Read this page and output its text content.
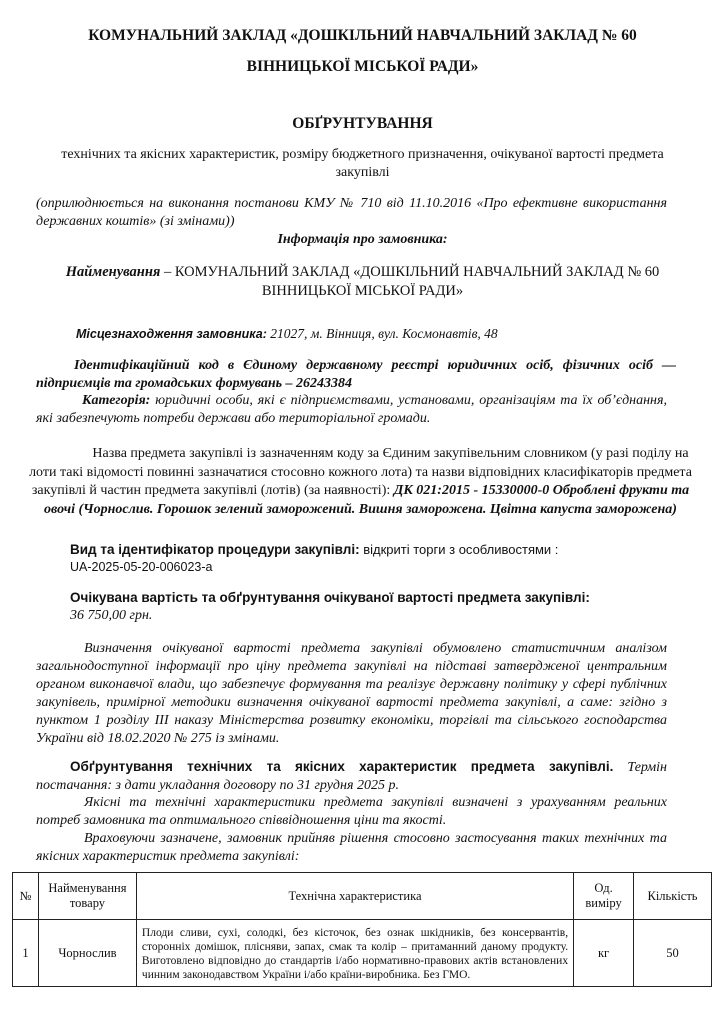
КОМУНАЛЬНИЙ ЗАКЛАД «ДОШКІЛЬНИЙ НАВЧАЛЬНИЙ ЗАКЛАД № 60
ВІННИЦЬКОЇ МІСЬКОЇ РАДИ»
ОБҐРУНТУВАННЯ
технічних та якісних характеристик, розміру бюджетного призначення, очікуваної вартості предмета закупівлі
(оприлюднюється на виконання постанови КМУ № 710 від 11.10.2016 «Про ефективне використання державних коштів» (зі змінами))
Інформація про замовника:
Найменування – КОМУНАЛЬНИЙ ЗАКЛАД «ДОШКІЛЬНИЙ НАВЧАЛЬНИЙ ЗАКЛАД № 60 ВІННИЦЬКОЇ МІСЬКОЇ РАДИ»
Місцезнаходження замовника: 21027, м. Вінниця, вул. Космонавтів, 48
Ідентифікаційний код в Єдиному державному реєстрі юридичних осіб, фізичних осіб — підприємців та громадських формувань – 26243384
Категорія: юридичні особи, які є підприємствами, установами, організаціям та їх об’єднання, які забезпечують потреби держави або територіальної громади.
Назва предмета закупівлі із зазначенням коду за Єдиним закупівельним словником (у разі поділу на лоти такі відомості повинні зазначатися стосовно кожного лота) та назви відповідних класифікаторів предмета закупівлі й частин предмета закупівлі (лотів) (за наявності): ДК 021:2015 - 15330000-0 Оброблені фрукти та овочі (Чорнослив. Горошок зелений заморожений. Вишня заморожена. Цвітна капуста заморожена)
Вид та ідентифікатор процедури закупівлі: відкриті торги з особливостями :
UA-2025-05-20-006023-a
Очікувана вартість та обґрунтування очікуваної вартості предмета закупівлі:
36 750,00 грн.
Визначення очікуваної вартості предмета закупівлі обумовлено статистичним аналізом загальнодоступної інформації про ціну предмета закупівлі на підставі затвердженої центральним органом виконавчої влади, що забезпечує формування та реалізує державну політику у сфері публічних закупівель, примірної методики визначення очікуваної вартості предмета закупівлі, а саме: згідно з пунктом 1 розділу ІІІ наказу Міністерства розвитку економіки, торгівлі та сільського господарства України від 18.02.2020 № 275 із змінами.
Обґрунтування технічних та якісних характеристик предмета закупівлі. Термін постачання: з дати укладання договору по 31 грудня 2025 р.
Якісні та технічні характеристики предмета закупівлі визначені з урахуванням реальних потреб замовника та оптимального співвідношення ціни та якості.
Враховуючи зазначене, замовник прийняв рішення стосовно застосування таких технічних та якісних характеристик предмета закупівлі:
№	Найменування товару	Технічна характеристика	Од. виміру	Кількість
1	Чорнослив	Плоди сливи, сухі, солодкі, без кісточок, без ознак шкідників, без консервантів, сторонніх домішок, плісняви, запах, смак та колір – притаманний даному продукту. Виготовлено відповідно до стандартів і/або нормативно-правових актів встановлених чинним законодавством України і/або країни-виробника. Без ГМО.	кг	50
